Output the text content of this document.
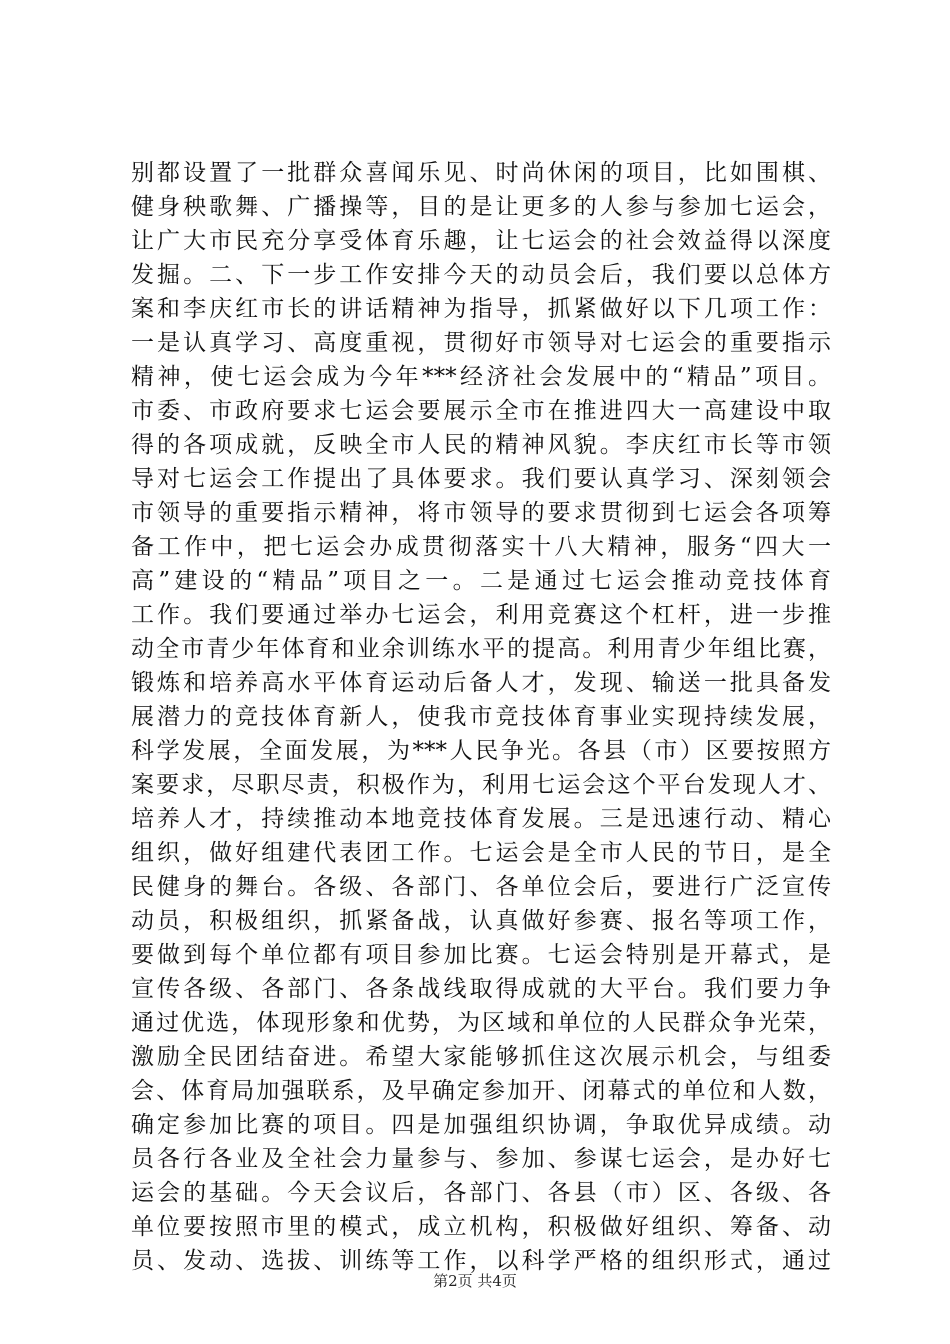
别都设置了一批群众喜闻乐见、时尚休闲的项目，比如围棋、
健身秧歌舞、广播操等，目的是让更多的人参与参加七运会，
让广大市民充分享受体育乐趣，让七运会的社会效益得以深度
发掘。二、下一步工作安排今天的动员会后，我们要以总体方
案和李庆红市长的讲话精神为指导，抓紧做好以下几项工作：
一是认真学习、高度重视，贯彻好市领导对七运会的重要指示
精神，使七运会成为今年***经济社会发展中的“精品”项目。
市委、市政府要求七运会要展示全市在推进四大一高建设中取
得的各项成就，反映全市人民的精神风貌。李庆红市长等市领
导对七运会工作提出了具体要求。我们要认真学习、深刻领会
市领导的重要指示精神，将市领导的要求贯彻到七运会各项筹
备工作中，把七运会办成贯彻落实十八大精神，服务“四大一
高”建设的“精品”项目之一。二是通过七运会推动竞技体育
工作。我们要通过举办七运会，利用竞赛这个杠杆，进一步推
动全市青少年体育和业余训练水平的提高。利用青少年组比赛，
锻炼和培养高水平体育运动后备人才，发现、输送一批具备发
展潜力的竞技体育新人，使我市竞技体育事业实现持续发展，
科学发展，全面发展，为***人民争光。各县（市）区要按照方
案要求，尽职尽责，积极作为，利用七运会这个平台发现人才、
培养人才，持续推动本地竞技体育发展。三是迅速行动、精心
组织，做好组建代表团工作。七运会是全市人民的节日，是全
民健身的舞台。各级、各部门、各单位会后，要进行广泛宣传
动员，积极组织，抓紧备战，认真做好参赛、报名等项工作，
要做到每个单位都有项目参加比赛。七运会特别是开幕式，是
宣传各级、各部门、各条战线取得成就的大平台。我们要力争
通过优选，体现形象和优势，为区域和单位的人民群众争光荣，
激励全民团结奋进。希望大家能够抓住这次展示机会，与组委
会、体育局加强联系，及早确定参加开、闭幕式的单位和人数，
确定参加比赛的项目。四是加强组织协调，争取优异成绩。动
员各行各业及全社会力量参与、参加、参谋七运会，是办好七
运会的基础。今天会议后，各部门、各县（市）区、各级、各
单位要按照市里的模式，成立机构，积极做好组织、筹备、动
员、发动、选拔、训练等工作，以科学严格的组织形式，通过
第2页 共4页
